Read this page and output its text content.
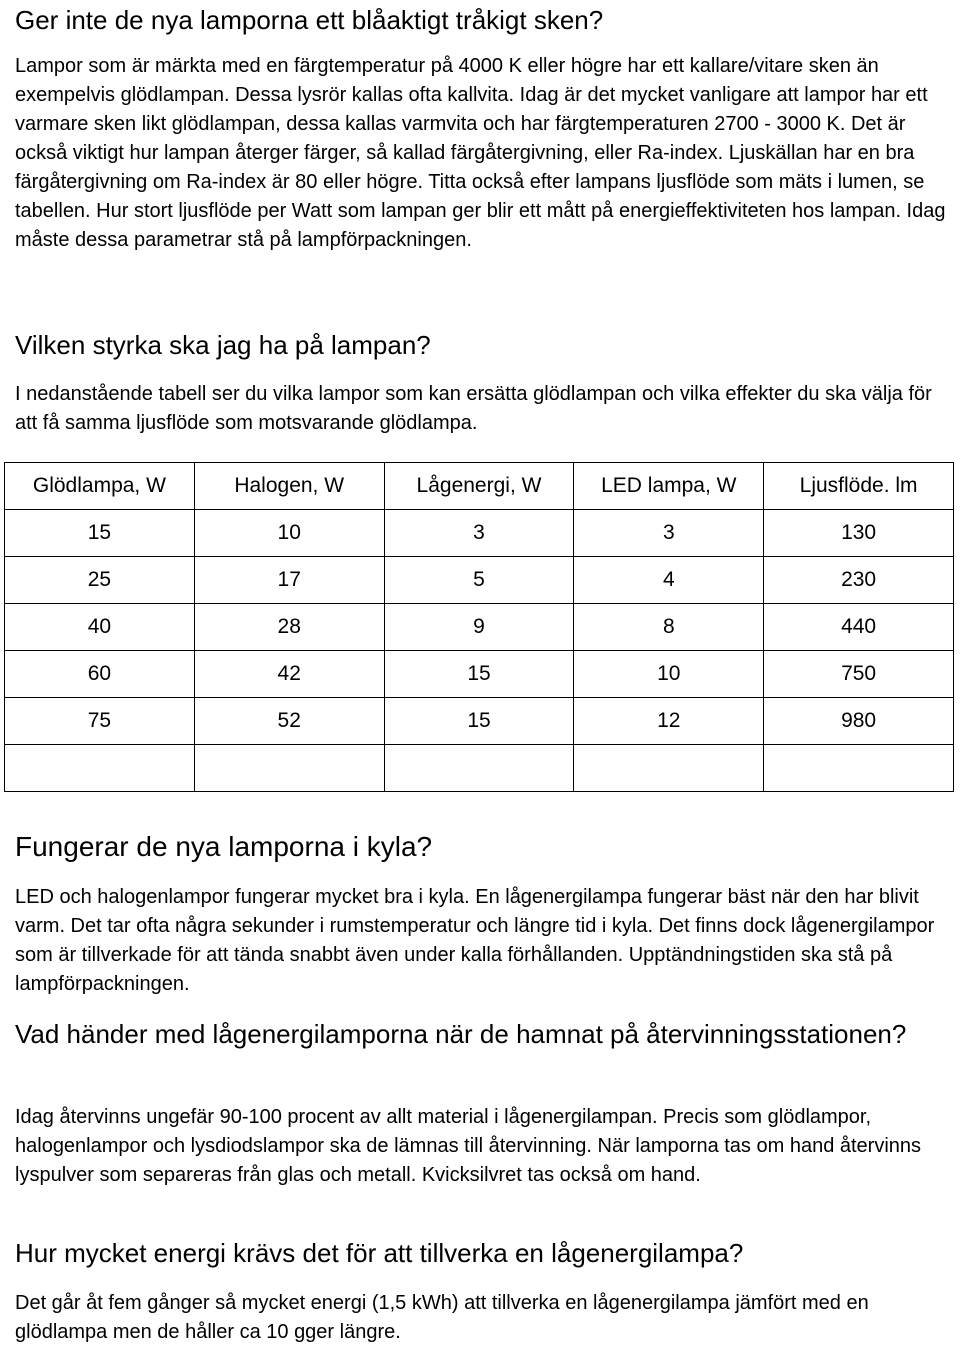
Ger inte de nya lamporna ett blåaktigt tråkigt sken?

Lampor som är märkta med en färgtemperatur på 4000 K eller högre har ett kallare/vitare sken än exempelvis glödlampan. Dessa lysrör kallas ofta kallvita. Idag är det mycket vanligare att lampor har ett varmare sken likt glödlampan, dessa kallas varmvita och har färgtemperaturen 2700 - 3000 K. Det är också viktigt hur lampan återger färger, så kallad färgåtergivning, eller Ra-index. Ljuskällan har en bra färgåtergivning om Ra-index är 80 eller högre. Titta också efter lampans ljusflöde som mäts i lumen, se tabellen. Hur stort ljusflöde per Watt som lampan ger blir ett mått på energieffektiviteten hos lampan. Idag måste dessa parametrar stå på lampförpackningen.

Vilken styrka ska jag ha på lampan?

I nedanstående tabell ser du vilka lampor som kan ersätta glödlampan och vilka effekter du ska välja för att få samma ljusflöde som motsvarande glödlampa.

Glödlampa, W	Halogen, W	Lågenergi, W	LED lampa, W	Ljusflöde. lm
15	10	3	3	130
25	17	5	4	230
40	28	9	8	440
60	42	15	10	750
75	52	15	12	980

Fungerar de nya lamporna i kyla?

LED och halogenlampor fungerar mycket bra i kyla. En lågenergilampa fungerar bäst när den har blivit varm. Det tar ofta några sekunder i rumstemperatur och längre tid i kyla. Det finns dock lågenergilampor som är tillverkade för att tända snabbt även under kalla förhållanden. Upptändningstiden ska stå på lampförpackningen.

Vad händer med lågenergilamporna när de hamnat på återvinningsstationen?

Idag återvinns ungefär 90-100 procent av allt material i lågenergilampan. Precis som glödlampor, halogenlampor och lysdiodslampor ska de lämnas till återvinning. När lamporna tas om hand återvinns lyspulver som separeras från glas och metall. Kvicksilvret tas också om hand.

Hur mycket energi krävs det för att tillverka en lågenergilampa?

Det går åt fem gånger så mycket energi (1,5 kWh) att tillverka en lågenergilampa jämfört med en glödlampa men de håller ca 10 gger längre.
